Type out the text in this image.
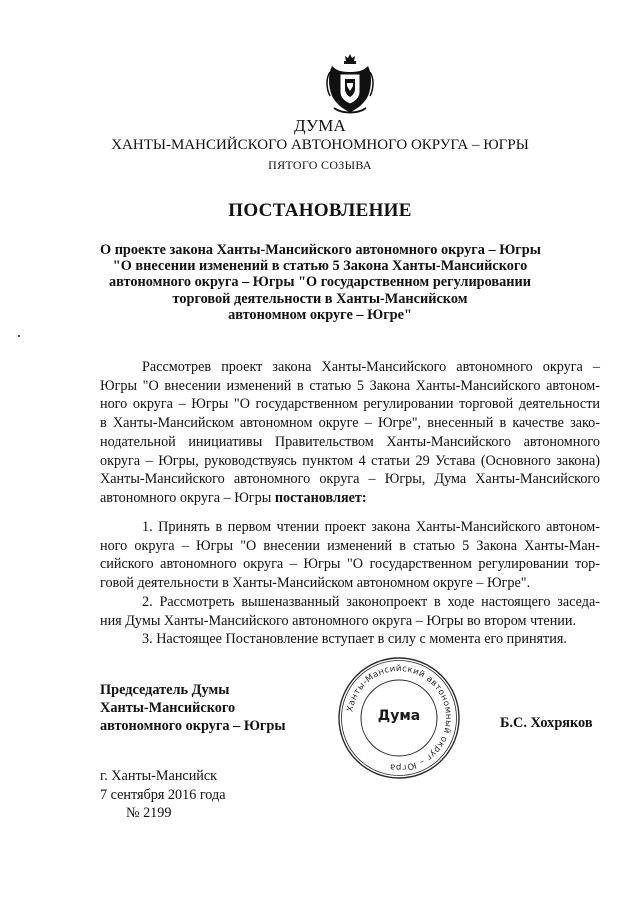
ДУМА
ХАНТЫ-МАНСИЙСКОГО АВТОНОМНОГО ОКРУГА – ЮГРЫ
ПЯТОГО СОЗЫВА
ПОСТАНОВЛЕНИЕ
О проекте закона Ханты-Мансийского автономного округа – Югры
"О внесении изменений в статью 5 Закона Ханты-Мансийского
автономного округа – Югры "О государственном регулировании
торговой деятельности в Ханты-Мансийском
автономном округе – Югре"
Рассмотрев проект закона Ханты-Мансийского автономного округа –
Югры "О внесении изменений в статью 5 Закона Ханты-Мансийского автоном-
ного округа – Югры "О государственном регулировании торговой деятельности
в Ханты-Мансийском автономном округе – Югре", внесенный в качестве зако-
нодательной инициативы Правительством Ханты-Мансийского автономного
округа – Югры, руководствуясь пунктом 4 статьи 29 Устава (Основного закона)
Ханты-Мансийского автономного округа – Югры, Дума Ханты-Мансийского
автономного округа – Югры постановляет:
1. Принять в первом чтении проект закона Ханты-Мансийского автоном-
ного округа – Югры "О внесении изменений в статью 5 Закона Ханты-Ман-
сийского автономного округа – Югры "О государственном регулировании тор-
говой деятельности в Ханты-Мансийском автономном округе – Югре".
2. Рассмотреть вышеназванный законопроект в ходе настоящего заседа-
ния Думы Ханты-Мансийского автономного округа – Югры во втором чтении.
3. Настоящее Постановление вступает в силу с момента его принятия.
Председатель Думы
Ханты-Мансийского
автономного округа – Югры
Ханты-Мансийский автономный округ – Югра
Дума	Б.С. Хохряков
г. Ханты-Мансийск
7 сентября 2016 года
№ 2199
